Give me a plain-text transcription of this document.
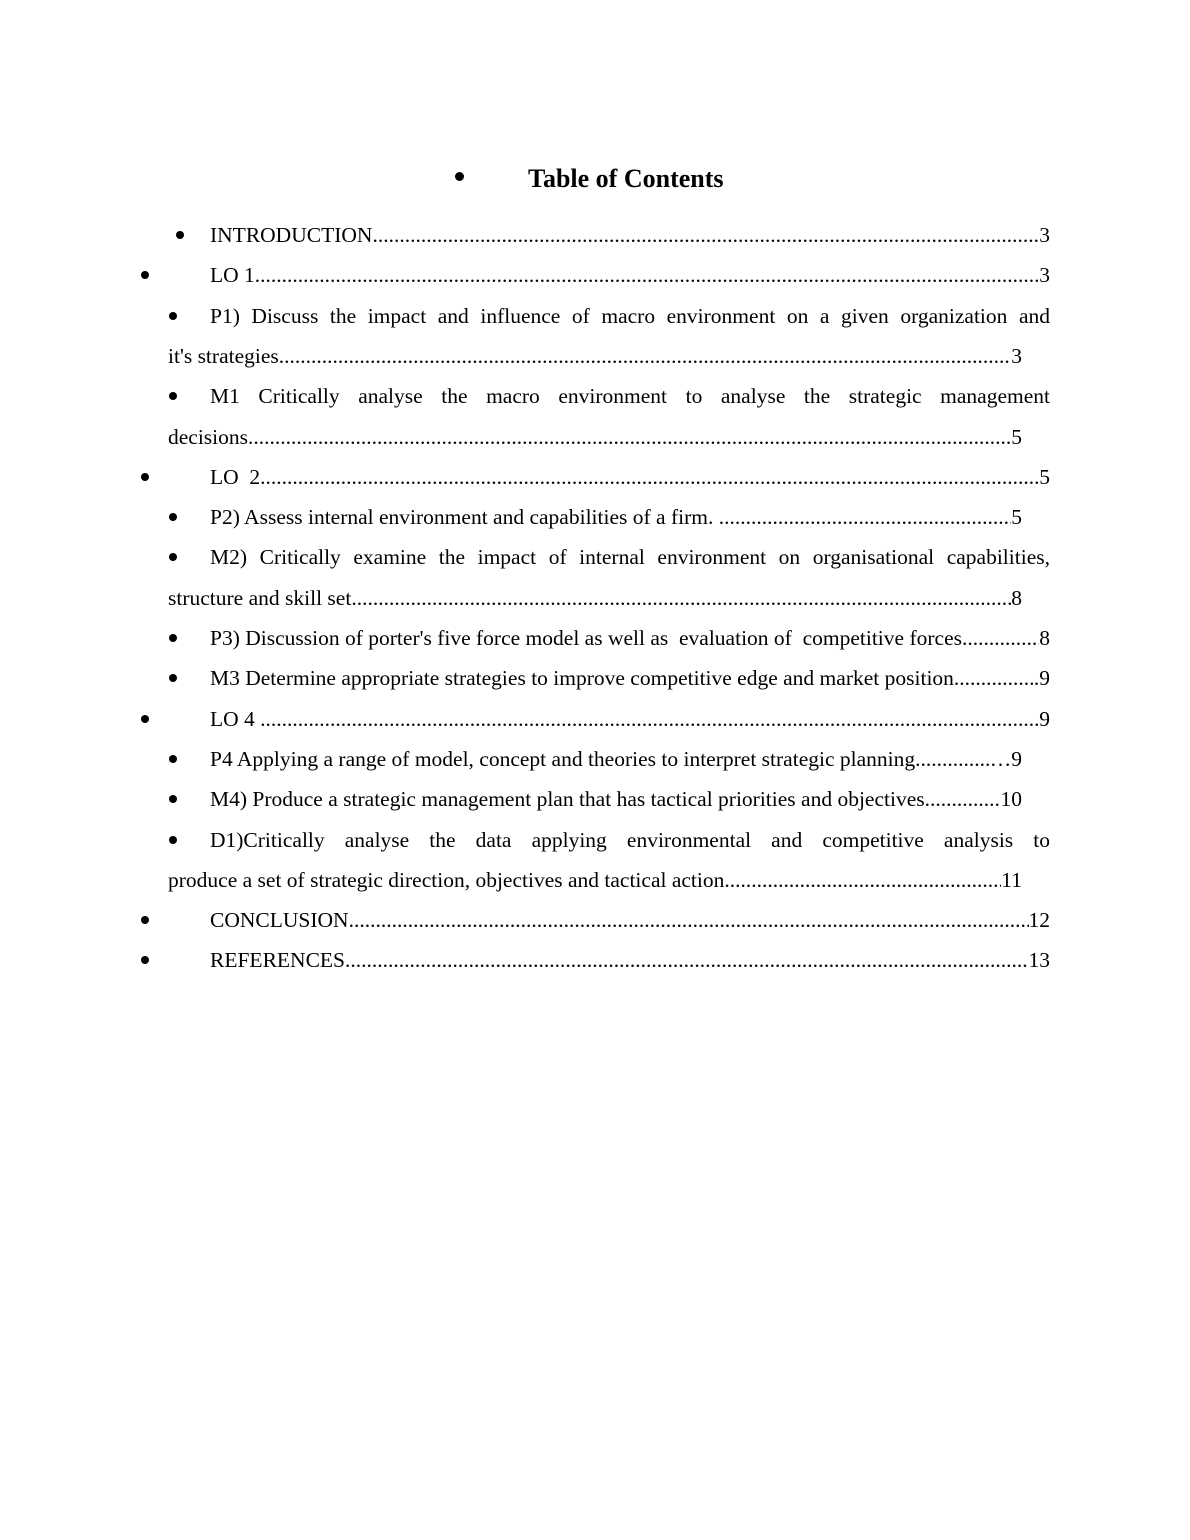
Table of Contents
INTRODUCTION .....	3
LO 1 .....	3
P1) Discuss the impact and influence of macro environment on a given organization and
it's strategies .....	3
M1 Critically analyse the macro environment to analyse the strategic management
decisions .....	5
LO  2 .....	5
P2) Assess internal environment and capabilities of a firm. .....	5
M2) Critically examine the impact of internal environment on organisational capabilities,
structure and skill set .....	8
P3) Discussion of porter's five force model as well as  evaluation of  competitive forces .....	8
M3 Determine appropriate strategies to improve competitive edge and market position.. .....	.9
LO 4 .....	9
P4 Applying a range of model, concept and theories to interpret strategic planning. .....	…9
M4) Produce a strategic management plan that has tactical priorities and objectives. .....	10
D1)Critically analyse the data applying environmental and competitive analysis to
produce a set of strategic direction, objectives and tactical action .....	11
CONCLUSION .....	12
REFERENCES .....	13
